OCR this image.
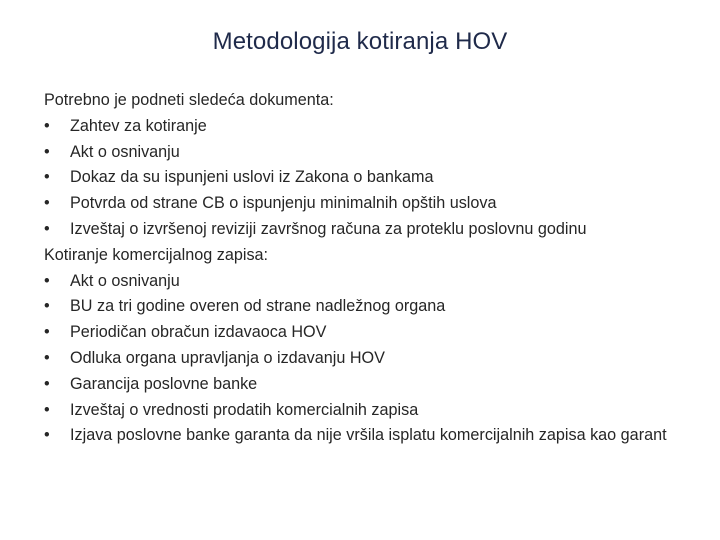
Metodologija kotiranja HOV
Potrebno je podneti sledeća dokumenta:
•	Zahtev za kotiranje
•	Akt o osnivanju
•	Dokaz da su ispunjeni uslovi iz Zakona o bankama
•	Potvrda od strane CB o ispunjenju minimalnih opštih uslova
•	Izveštaj o izvršenoj reviziji završnog računa za proteklu poslovnu godinu
Kotiranje komercijalnog zapisa:
•	Akt o osnivanju
•	BU za tri godine overen od strane nadležnog organa
•	Periodičan obračun izdavaoca HOV
•	Odluka organa upravljanja o izdavanju HOV
•	Garancija poslovne banke
•	Izveštaj o vrednosti prodatih komercialnih zapisa
•	Izjava poslovne banke garanta da nije vršila isplatu komercijalnih zapisa kao garant
